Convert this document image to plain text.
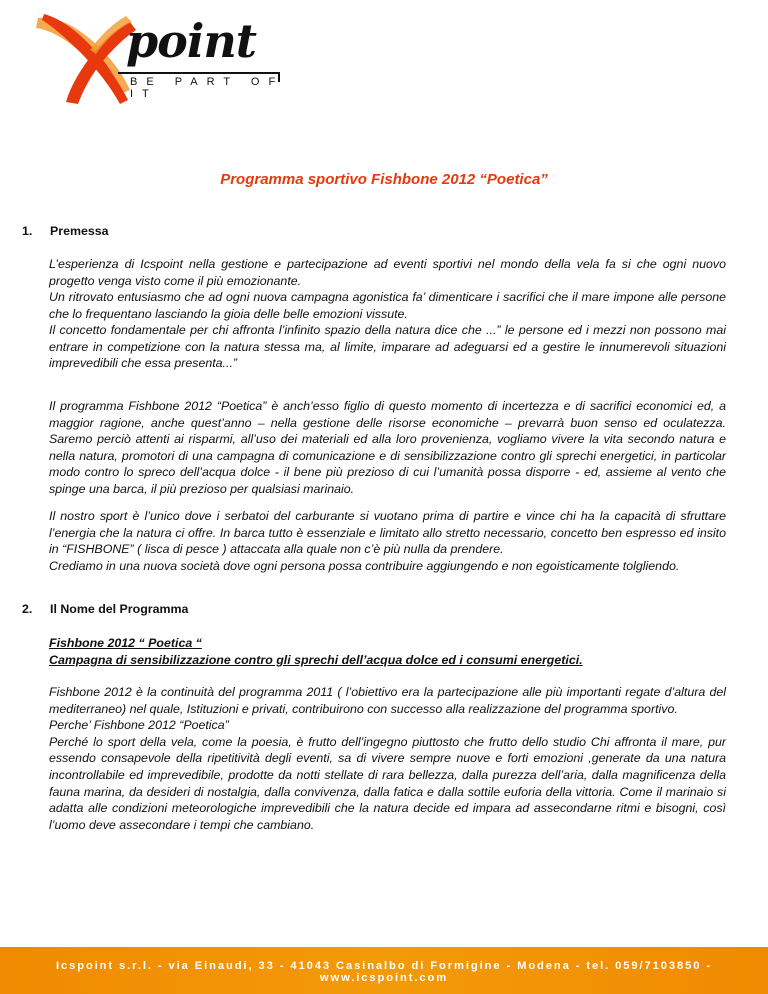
point
BE PART OF IT
Programma sportivo Fishbone 2012 “Poetica”
1. Premessa
L’esperienza di Icspoint nella gestione e partecipazione ad eventi sportivi nel mondo della vela fa si che ogni nuovo progetto venga visto come il più emozionante.
Un ritrovato entusiasmo che ad ogni nuova campagna agonistica fa’ dimenticare i sacrifici che il mare impone alle persone che lo frequentano lasciando la gioia delle belle emozioni vissute.
Il concetto fondamentale per chi affronta l’infinito spazio della natura dice che ...” le persone ed i mezzi non possono mai entrare in competizione con la natura stessa ma, al limite, imparare ad adeguarsi ed a gestire le innumerevoli situazioni imprevedibili che essa presenta...”
Il programma Fishbone 2012 “Poetica” è anch’esso figlio di questo momento di incertezza e di sacrifici economici ed, a maggior ragione, anche quest’anno – nella gestione delle risorse economiche – prevarrà buon senso ed oculatezza. Saremo perciò attenti ai risparmi, all’uso dei materiali ed alla loro provenienza, vogliamo vivere la vita secondo natura e nella natura, promotori di una campagna di comunicazione e di sensibilizzazione contro gli sprechi energetici, in particolar modo contro lo spreco dell’acqua dolce - il bene più prezioso di cui l’umanità possa disporre - ed, assieme al vento che spinge una barca, il più prezioso per qualsiasi marinaio.
Il nostro sport è l’unico dove i serbatoi del carburante si vuotano prima di partire e vince chi ha la capacità di sfruttare l’energia che la natura ci offre. In barca tutto è essenziale e limitato allo stretto necessario, concetto ben espresso ed insito in “FISHBONE” ( lisca di pesce ) attaccata alla quale non c’è più nulla da prendere.
Crediamo in una nuova società dove ogni persona possa contribuire aggiungendo e non egoisticamente tolgliendo.
2. Il Nome del Programma
Fishbone 2012 “ Poetica “
Campagna di sensibilizzazione contro gli sprechi dell’acqua dolce ed i consumi energetici.
Fishbone 2012 è la continuità del programma 2011 ( l’obiettivo era la partecipazione alle più importanti regate d’altura del mediterraneo) nel quale, Istituzioni e privati, contribuirono con successo alla realizzazione del programma sportivo.
Perche’ Fishbone 2012 “Poetica”
Perché lo sport della vela, come la poesia, è frutto dell’ingegno piuttosto che frutto dello studio Chi affronta il mare, pur essendo consapevole della ripetitività degli eventi, sa di vivere sempre nuove e forti emozioni ,generate da una natura incontrollabile ed imprevedibile, prodotte da notti stellate di rara bellezza, dalla purezza dell’aria, dalla magnificenza della fauna marina, da desideri di nostalgia, dalla convivenza, dalla fatica e dalla sottile euforia della vittoria. Come il marinaio si adatta alle condizioni meteorologiche imprevedibili che la natura decide ed impara ad assecondarne ritmi e bisogni, così l’uomo deve assecondare i tempi che cambiano.

Icspoint s.r.l. - via Einaudi, 33 - 41043 Casinalbo di Formigine - Modena - tel. 059/7103850 - www.icspoint.com
